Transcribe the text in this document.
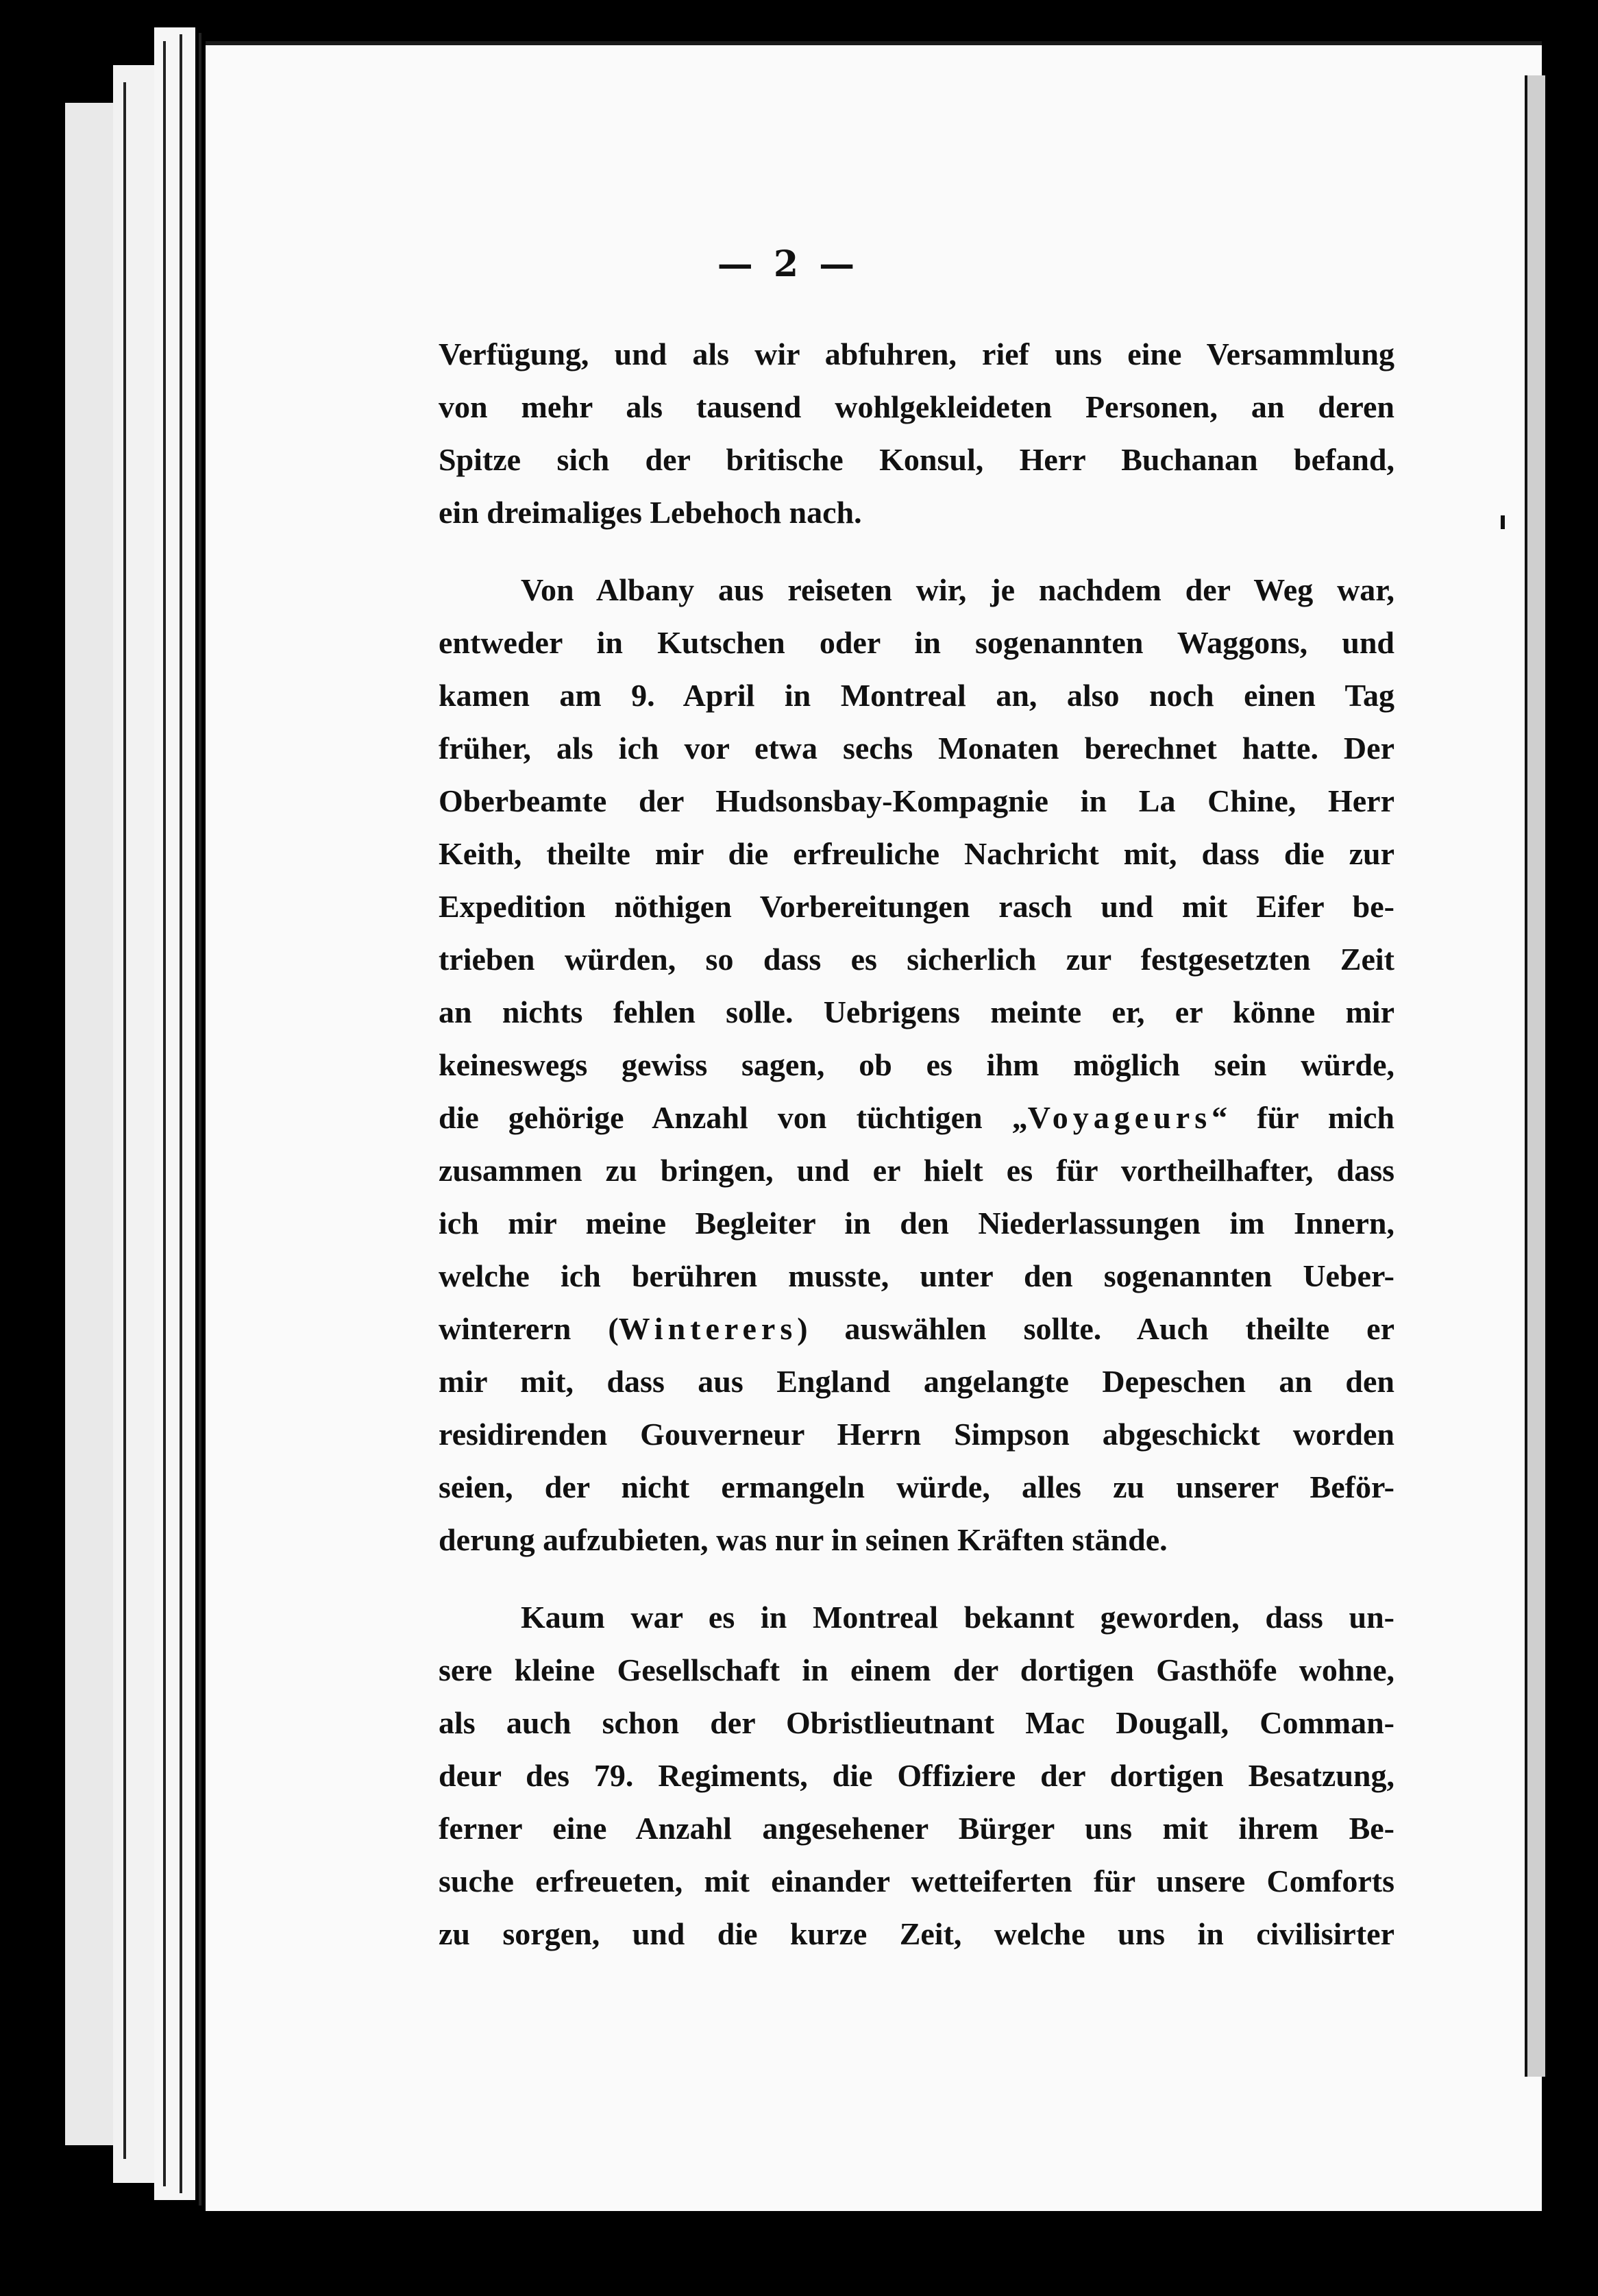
— 2 —

Verfügung, und als wir abfuhren, rief uns eine Versammlung
von mehr als tausend wohlgekleideten Personen, an deren
Spitze sich der britische Konsul, Herr Buchanan befand,
ein dreimaliges Lebehoch nach.

Von Albany aus reiseten wir, je nachdem der Weg war,
entweder in Kutschen oder in sogenannten Waggons, und
kamen am 9. April in Montreal an, also noch einen Tag
früher, als ich vor etwa sechs Monaten berechnet hatte. Der
Oberbeamte der Hudsonsbay-Kompagnie in La Chine, Herr
Keith, theilte mir die erfreuliche Nachricht mit, dass die zur
Expedition nöthigen Vorbereitungen rasch und mit Eifer be-
trieben würden, so dass es sicherlich zur festgesetzten Zeit
an nichts fehlen solle. Uebrigens meinte er, er könne mir
keineswegs gewiss sagen, ob es ihm möglich sein würde,
die gehörige Anzahl von tüchtigen „Voyageurs“ für mich
zusammen zu bringen, und er hielt es für vortheilhafter, dass
ich mir meine Begleiter in den Niederlassungen im Innern,
welche ich berühren musste, unter den sogenannten Ueber-
winterern (Winterers) auswählen sollte. Auch theilte er
mir mit, dass aus England angelangte Depeschen an den
residirenden Gouverneur Herrn Simpson abgeschickt worden
seien, der nicht ermangeln würde, alles zu unserer Beför-
derung aufzubieten, was nur in seinen Kräften stände.

Kaum war es in Montreal bekannt geworden, dass un-
sere kleine Gesellschaft in einem der dortigen Gasthöfe wohne,
als auch schon der Obristlieutnant Mac Dougall, Comman-
deur des 79. Regiments, die Offiziere der dortigen Besatzung,
ferner eine Anzahl angesehener Bürger uns mit ihrem Be-
suche erfreueten, mit einander wetteiferten für unsere Comforts
zu sorgen, und die kurze Zeit, welche uns in civilisirter
